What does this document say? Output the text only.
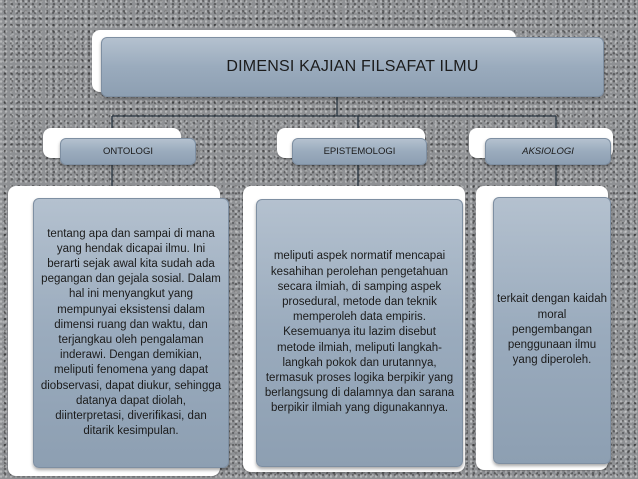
DIMENSI KAJIAN FILSAFAT ILMU
ONTOLOGI	EPISTEMOLOGI	AKSIOLOGI
tentang apa dan sampai di mana yang hendak dicapai ilmu. Ini berarti sejak awal kita sudah ada pegangan dan gejala sosial. Dalam hal ini menyangkut yang mempunyai eksistensi dalam dimensi ruang dan waktu, dan terjangkau oleh pengalaman inderawi. Dengan demikian, meliputi fenomena yang dapat diobservasi, dapat diukur, sehingga datanya dapat diolah, diinterpretasi, diverifikasi, dan ditarik kesimpulan.
meliputi aspek normatif mencapai kesahihan perolehan pengetahuan secara ilmiah, di samping aspek prosedural, metode dan teknik memperoleh data empiris. Kesemuanya itu lazim disebut metode ilmiah, meliputi langkah-langkah pokok dan urutannya, termasuk proses logika berpikir yang berlangsung di dalamnya dan sarana berpikir ilmiah yang digunakannya.
terkait dengan kaidah moral pengembangan penggunaan ilmu yang diperoleh.
